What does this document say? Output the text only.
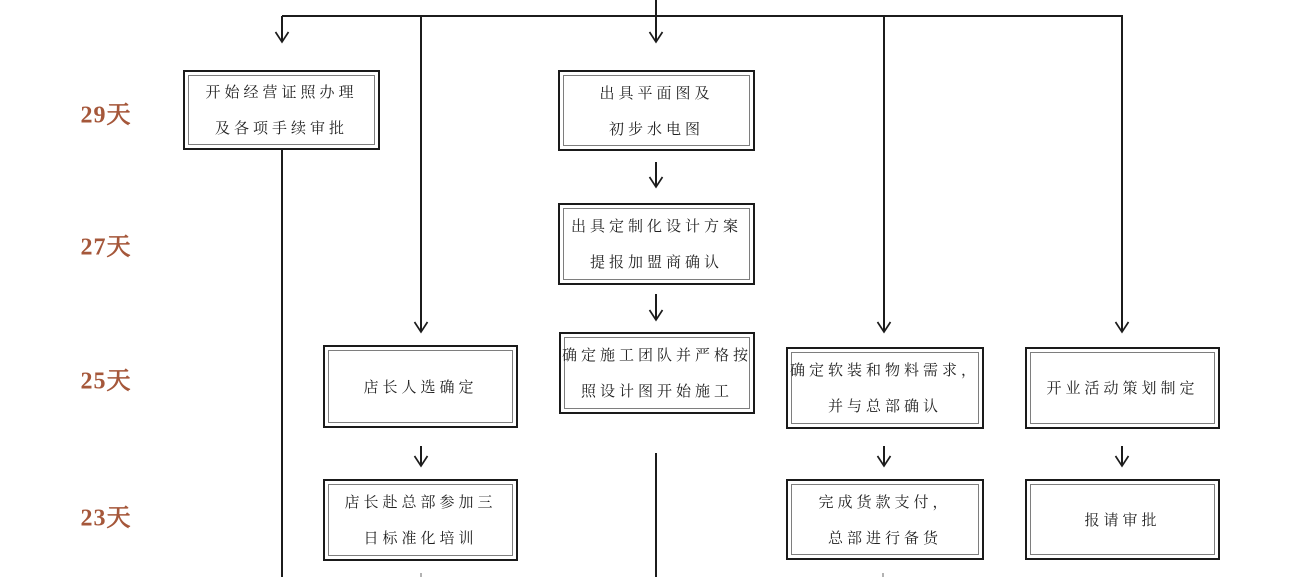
29天
27天
25天
23天
开始经营证照办理
及各项手续审批
出具平面图及
初步水电图
出具定制化设计方案
提报加盟商确认
店长人选确定
确定施工团队并严格按
照设计图开始施工
确定软装和物料需求，
并与总部确认
开业活动策划制定
店长赴总部参加三
日标准化培训
完成货款支付，
总部进行备货
报请审批
